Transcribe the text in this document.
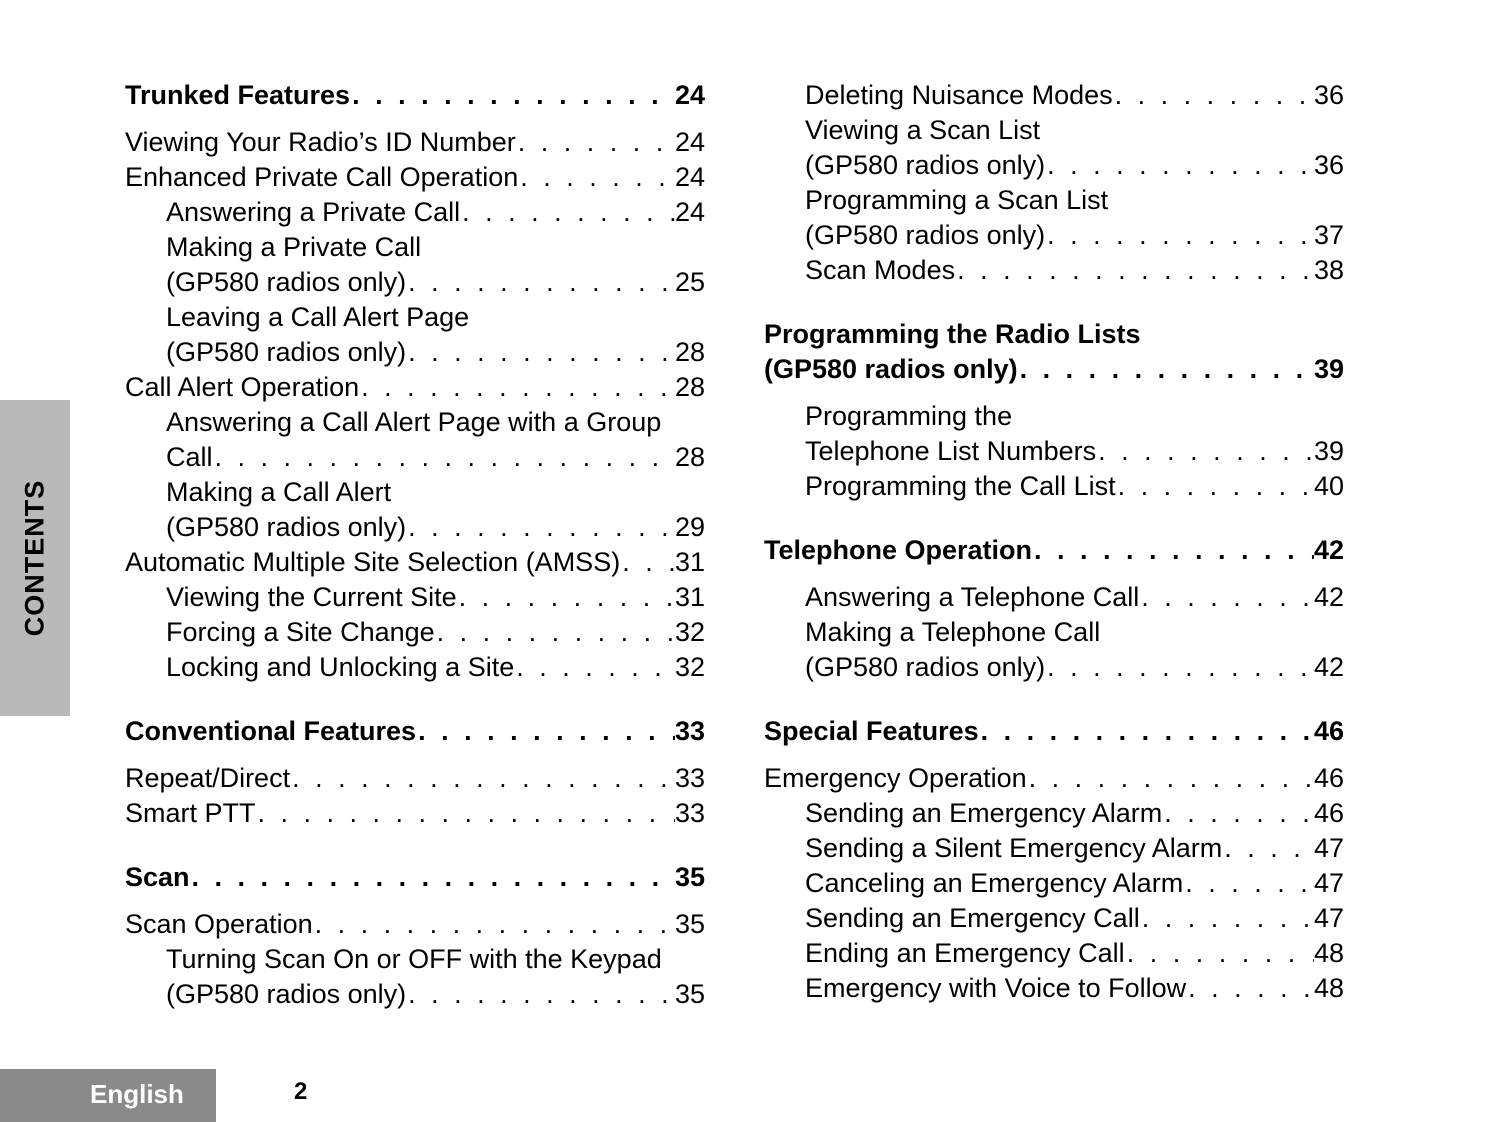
CONTENTS
Trunked Features . . .	24
Viewing Your Radio’s ID Number . . .	24
Enhanced Private Call Operation . . .	24
Answering a Private Call . . .	24
Making a Private Call
(GP580 radios only) . . .	25
Leaving a Call Alert Page
(GP580 radios only) . . .	28
Call Alert Operation . . .	28
Answering a Call Alert Page with a Group
Call . . .	28
Making a Call Alert
(GP580 radios only) . . .	29
Automatic Multiple Site Selection (AMSS) . . . 31
Viewing the Current Site . . .	31
Forcing a Site Change . . .	32
Locking and Unlocking a Site . . .	32
Conventional Features . . .	33
Repeat/Direct . . .	33
Smart PTT . . .	33
Scan . . .	35
Scan Operation . . .	35
Turning Scan On or OFF with the Keypad
(GP580 radios only) . . .	35
Deleting Nuisance Modes . . .	36
Viewing a Scan List
(GP580 radios only) . . .	36
Programming a Scan List
(GP580 radios only) . . .	37
Scan Modes . . .	38
Programming the Radio Lists
(GP580 radios only) . . .	39
Programming the
Telephone List Numbers . . .	39
Programming the Call List . . .	40
Telephone Operation . . .	42
Answering a Telephone Call . . .	42
Making a Telephone Call
(GP580 radios only) . . .	42
Special Features . . .	46
Emergency Operation . . .	46
Sending an Emergency Alarm . . .	46
Sending a Silent Emergency Alarm . . .	47
Canceling an Emergency Alarm . . .	47
Sending an Emergency Call . . .	47
Ending an Emergency Call . . .	48
Emergency with Voice to Follow . . .	48
English	2
